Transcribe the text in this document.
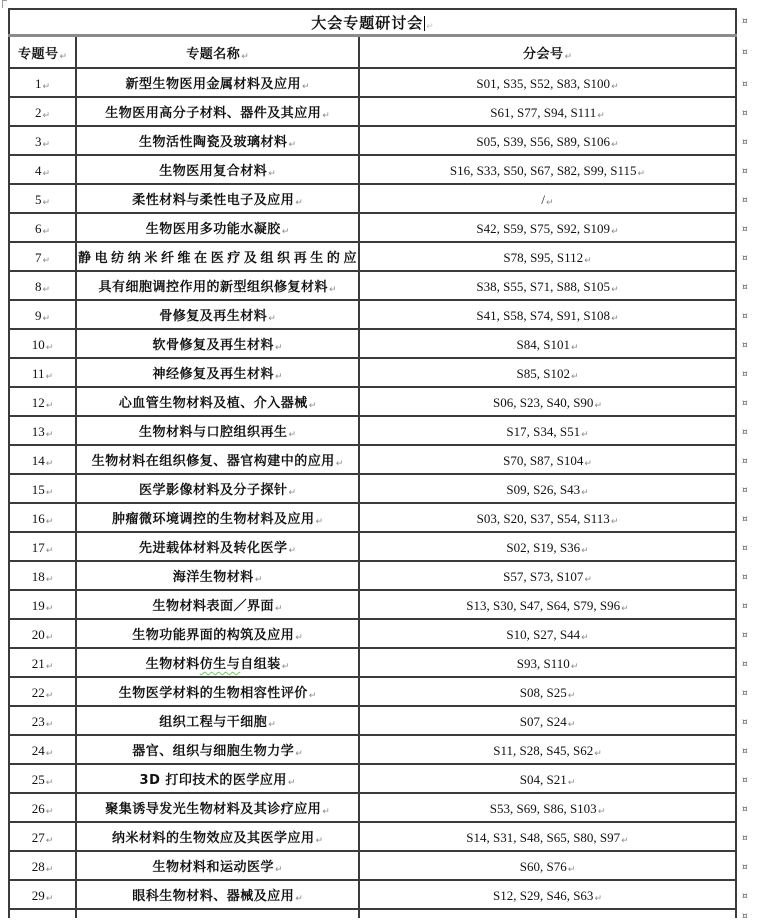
大会专题研讨会 ↵		
专题号↵	专题名称↵	分会号↵
1↵	新型生物医用金属材料及应用↵	S01, S35, S52, S83, S100↵
2↵	生物医用高分子材料、器件及其应用↵	S61, S77, S94, S111↵
3↵	生物活性陶瓷及玻璃材料↵	S05, S39, S56, S89, S106↵
4↵	生物医用复合材料↵	S16, S33, S50, S67, S82, S99, S115↵
5↵	柔性材料与柔性电子及应用↵	/↵
6↵	生物医用多功能水凝胶↵	S42, S59, S75, S92, S109↵
7↵	静电纺纳米纤维在医疗及组织再生的应	S78, S95, S112↵
8↵	具有细胞调控作用的新型组织修复材料↵	S38, S55, S71, S88, S105↵
9↵	骨修复及再生材料↵	S41, S58, S74, S91, S108↵
10↵	软骨修复及再生材料↵	S84, S101↵
11↵	神经修复及再生材料↵	S85, S102↵
12↵	心血管生物材料及植、介入器械↵	S06, S23, S40, S90↵
13↵	生物材料与口腔组织再生↵	S17, S34, S51↵
14↵	生物材料在组织修复、器官构建中的应用↵	S70, S87, S104↵
15↵	医学影像材料及分子探针↵	S09, S26, S43↵
16↵	肿瘤微环境调控的生物材料及应用↵	S03, S20, S37, S54, S113↵
17↵	先进载体材料及转化医学↵	S02, S19, S36↵
18↵	海洋生物材料↵	S57, S73, S107↵
19↵	生物材料表面／界面↵	S13, S30, S47, S64, S79, S96↵
20↵	生物功能界面的构筑及应用↵	S10, S27, S44↵
21↵	生物材料仿生与自组装↵	S93, S110↵
22↵	生物医学材料的生物相容性评价↵	S08, S25↵
23↵	组织工程与干细胞↵	S07, S24↵
24↵	器官、组织与细胞生物力学↵	S11, S28, S45, S62↵
25↵	3D 打印技术的医学应用↵	S04, S21↵
26↵	聚集诱导发光生物材料及其诊疗应用↵	S53, S69, S86, S103↵
27↵	纳米材料的生物效应及其医学应用↵	S14, S31, S48, S65, S80, S97↵
28↵	生物材料和运动医学↵	S60, S76↵
29↵	眼科生物材料、器械及应用↵	S12, S29, S46, S63↵

¤
¤
¤
¤
¤
¤
¤
¤
¤
¤
¤
¤
¤
¤
¤
¤
¤
¤
¤
¤
¤
¤
¤
¤
¤
¤
¤
¤
¤
¤
¤
¤
